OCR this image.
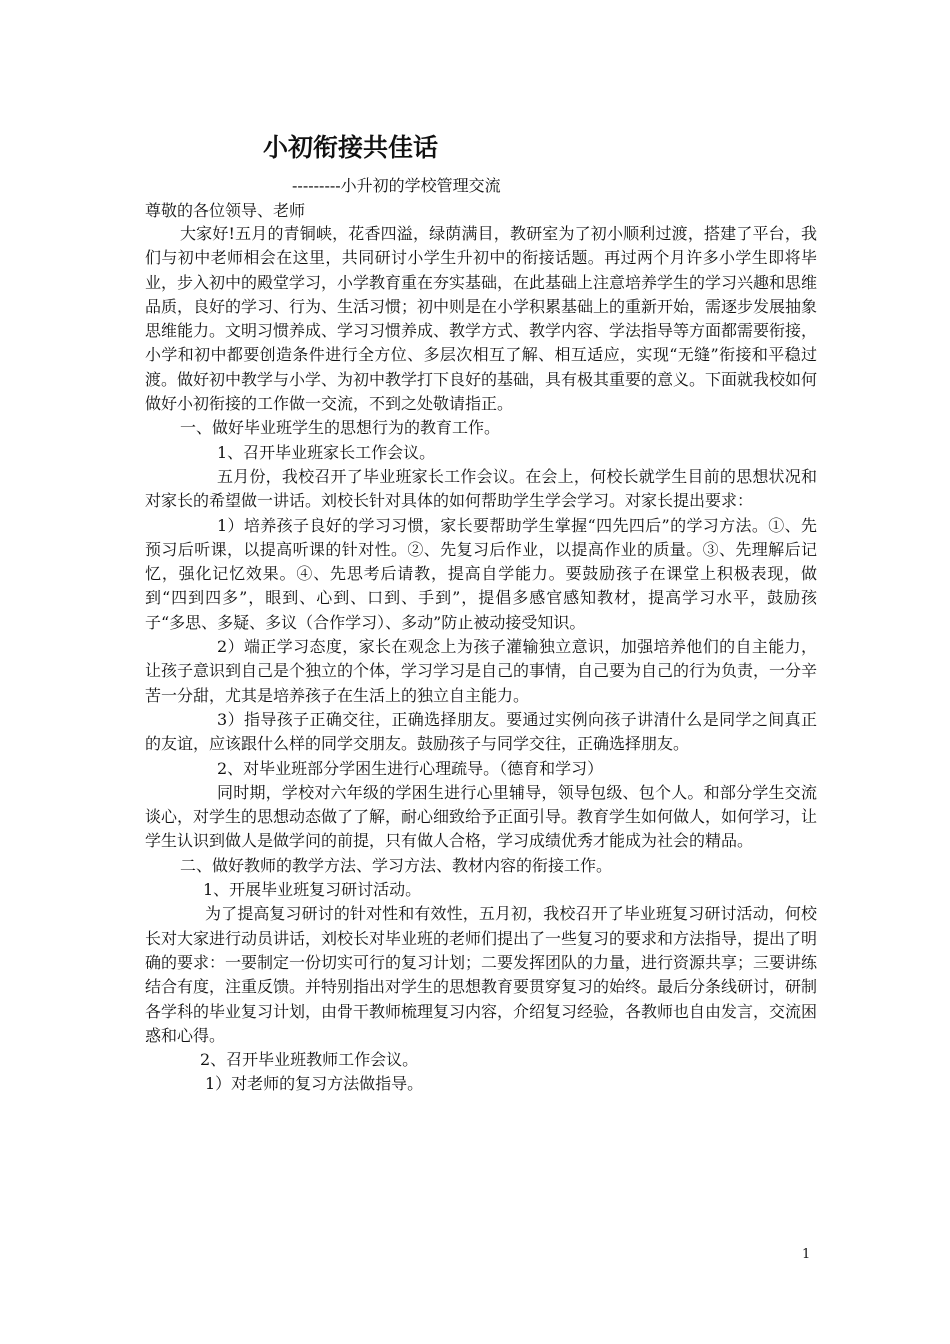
小初衔接共佳话

---------小升初的学校管理交流

尊敬的各位领导、老师

大家好!五月的青铜峡，花香四溢，绿荫满目，教研室为了初小顺利过渡，搭建了平台，我们与初中老师相会在这里，共同研讨小学生升初中的衔接话题。再过两个月许多小学生即将毕业，步入初中的殿堂学习，小学教育重在夯实基础，在此基础上注意培养学生的学习兴趣和思维品质，良好的学习、行为、生活习惯；初中则是在小学积累基础上的重新开始，需逐步发展抽象思维能力。文明习惯养成、学习习惯养成、教学方式、教学内容、学法指导等方面都需要衔接，小学和初中都要创造条件进行全方位、多层次相互了解、相互适应，实现“无缝”衔接和平稳过渡。做好初中教学与小学、为初中教学打下良好的基础，具有极其重要的意义。下面就我校如何做好小初衔接的工作做一交流，不到之处敬请指正。

一、做好毕业班学生的思想行为的教育工作。

1、召开毕业班家长工作会议。

五月份，我校召开了毕业班家长工作会议。在会上，何校长就学生目前的思想状况和对家长的希望做一讲话。刘校长针对具体的如何帮助学生学会学习。对家长提出要求：

1）培养孩子良好的学习习惯，家长要帮助学生掌握“四先四后”的学习方法。①、先预习后听课，以提高听课的针对性。②、先复习后作业，以提高作业的质量。③、先理解后记忆，强化记忆效果。④、先思考后请教，提高自学能力。要鼓励孩子在课堂上积极表现，做到“四到四多”，眼到、心到、口到、手到”，提倡多感官感知教材，提高学习水平，鼓励孩子“多思、多疑、多议（合作学习）、多动”防止被动接受知识。

2）端正学习态度，家长在观念上为孩子灌输独立意识，加强培养他们的自主能力，让孩子意识到自己是个独立的个体，学习学习是自己的事情，自己要为自己的行为负责，一分辛苦一分甜，尤其是培养孩子在生活上的独立自主能力。

3）指导孩子正确交往，正确选择朋友。要通过实例向孩子讲清什么是同学之间真正的友谊，应该跟什么样的同学交朋友。鼓励孩子与同学交往，正确选择朋友。

2、对毕业班部分学困生进行心理疏导。（德育和学习）

同时期，学校对六年级的学困生进行心里辅导，领导包级、包个人。和部分学生交流谈心，对学生的思想动态做了了解，耐心细致给予正面引导。教育学生如何做人，如何学习，让学生认识到做人是做学问的前提，只有做人合格，学习成绩优秀才能成为社会的精品。

二、做好教师的教学方法、学习方法、教材内容的衔接工作。

1、开展毕业班复习研讨活动。

为了提高复习研讨的针对性和有效性，五月初，我校召开了毕业班复习研讨活动，何校长对大家进行动员讲话，刘校长对毕业班的老师们提出了一些复习的要求和方法指导，提出了明确的要求：一要制定一份切实可行的复习计划；二要发挥团队的力量，进行资源共享；三要讲练结合有度，注重反馈。并特别指出对学生的思想教育要贯穿复习的始终。最后分条线研讨，研制各学科的毕业复习计划，由骨干教师梳理复习内容，介绍复习经验，各教师也自由发言，交流困惑和心得。

2、召开毕业班教师工作会议。

1）对老师的复习方法做指导。

1
